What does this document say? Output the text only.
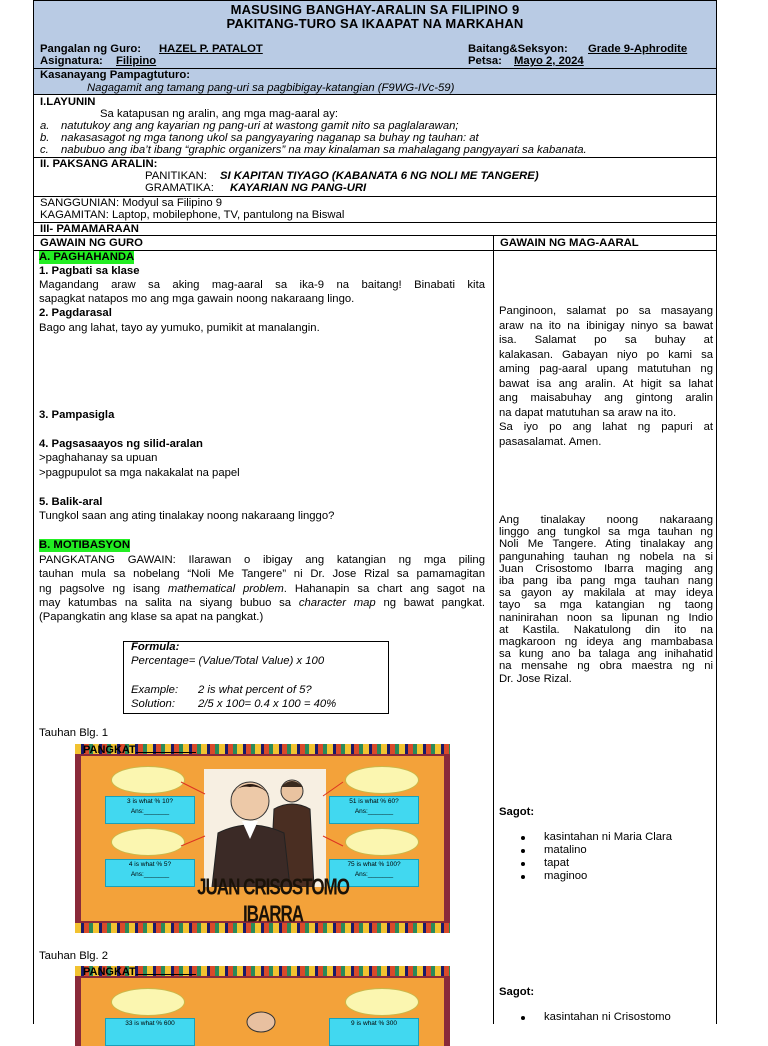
MASUSING BANGHAY-ARALIN SA FILIPINO 9
PAKITANG-TURO SA IKAAPAT NA MARKAHAN
Pangalan ng Guro: HAZEL P. PATALOT
Asignatura: Filipino
Baitang&Seksyon: Grade 9-Aphrodite
Petsa: Mayo 2, 2024
Kasanayang Pampagtuturo:
Nagagamit ang tamang pang-uri sa pagbibigay-katangian (F9WG-IVc-59)
I.LAYUNIN
Sa katapusan ng aralin, ang mga mag-aaral ay:
a. natutukoy ang ang kayarian ng pang-uri at wastong gamit nito sa paglalarawan;
b. nakasasagot ng mga tanong ukol sa pangyayaring naganap sa buhay ng tauhan: at
c. nabubuo ang iba’t ibang “graphic organizers” na may kinalaman sa mahalagang pangyayari sa kabanata.
II. PAKSANG ARALIN:
PANITIKAN: SI KAPITAN TIYAGO (KABANATA 6 NG NOLI ME TANGERE)
GRAMATIKA: KAYARIAN NG PANG-URI
SANGGUNIAN: Modyul sa Filipino 9
KAGAMITAN: Laptop, mobilephone, TV, pantulong na Biswal
III- PAMAMARAAN
GAWAIN NG GURO	GAWAIN NG MAG-AARAL
A. PAGHAHANDA
1. Pagbati sa klase
Magandang araw sa aking mag-aaral sa ika-9 na baitang! Binabati kita
sapagkat natapos mo ang mga gawain noong nakaraang lingo.
2. Pagdarasal
Bago ang lahat, tayo ay yumuko, pumikit at manalangin.
3. Pampasigla
4. Pagsasaayos ng silid-aralan
>paghahanay sa upuan
>pagpupulot sa mga nakakalat na papel
5. Balik-aral
Tungkol saan ang ating tinalakay noong nakaraang linggo?
B. MOTIBASYON
PANGKATANG GAWAIN: Ilarawan o ibigay ang katangian ng mga piling
tauhan mula sa nobelang “Noli Me Tangere” ni Dr. Jose Rizal sa pamamagitan
ng pagsolve ng isang mathematical problem. Hahanapin sa chart ang sagot na
may katumbas na salita na siyang bubuo sa character map ng bawat pangkat.
(Papangkatin ang klase sa apat na pangkat.)
Formula:
Percentage= (Value/Total Value) x 100
Example: 2 is what percent of 5?
Solution: 2/5 x 100= 0.4 x 100 = 40%
Tauhan Blg. 1
PANGKAT
3 is what % 10?
Ans:_______
51 is what % 60?
Ans:_______
4 is what % 5?
Ans:_______
75 is what % 100?
Ans:_______
JUAN CRISOSTOMO IBARRA
Tauhan Blg. 2
PANGKAT
33 is what % 600	9 is what % 300
Panginoon, salamat po sa masayang
araw na ito na ibinigay ninyo sa bawat
isa. Salamat po sa buhay at
kalakasan. Gabayan niyo po kami sa
aming pag-aaral upang matutuhan ng
bawat isa ang aralin. At higit sa lahat
ang maisabuhay ang gintong aralin
na dapat matutuhan sa araw na ito.
Sa iyo po ang lahat ng papuri at
pasasalamat. Amen.
Ang tinalakay noong nakaraang
linggo ang tungkol sa mga tauhan ng
Noli Me Tangere. Ating tinalakay ang
pangunahing tauhan ng nobela na si
Juan Crisostomo Ibarra maging ang
iba pang iba pang mga tauhan nang
sa gayon ay makilala at may ideya
tayo sa mga katangian ng taong
naninirahan noon sa lipunan ng Indio
at Kastila. Nakatulong din ito na
magkaroon ng ideya ang mambabasa
sa kung ano ba talaga ang inihahatid
na mensahe ng obra maestra ng ni
Dr. Jose Rizal.
Sagot:
kasintahan ni Maria Clara
matalino
tapat
maginoo
Sagot:
kasintahan ni Crisostomo
